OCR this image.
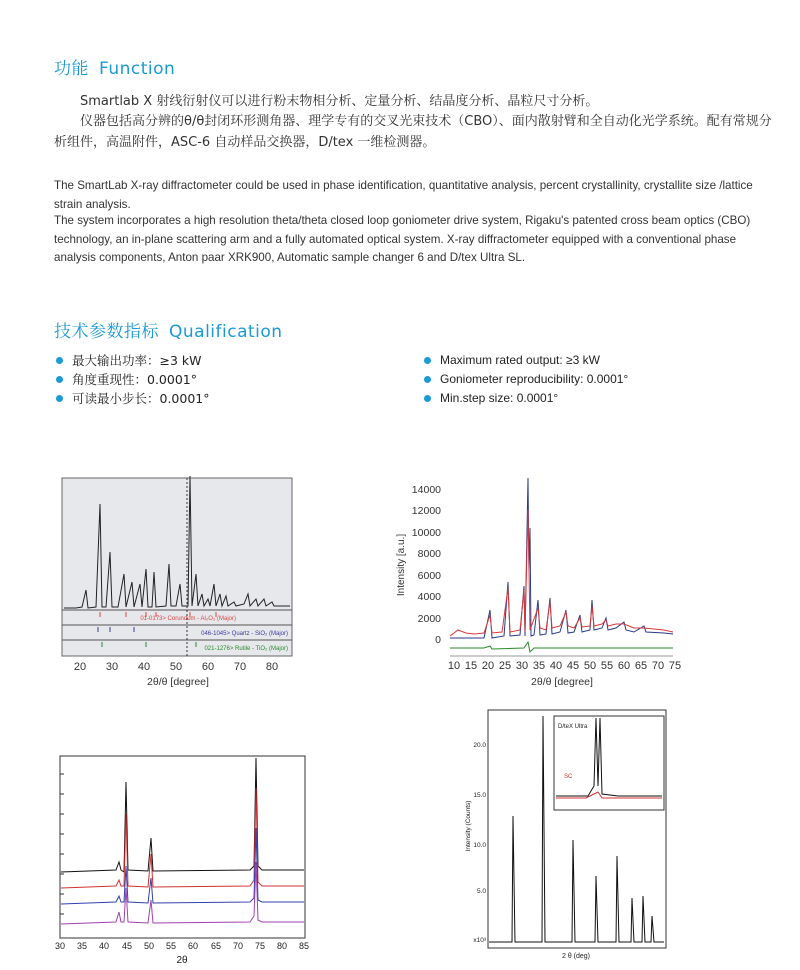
功能 Function
Smartlab X 射线衍射仪可以进行粉末物相分析、定量分析、结晶度分析、晶粒尺寸分析。
仪器包括高分辨的θ/θ封闭环形测角器、理学专有的交叉光束技术（CBO）、面内散射臂和全自动化光学系统。配有常规分析组件，高温附件，ASC-6 自动样品交换器，D/tex 一维检测器。
The SmartLab X-ray diffractometer could be used in phase identification, quantitative analysis, percent crystallinity, crystallite size /lattice strain analysis.
The system incorporates a high resolution theta/theta closed loop goniometer drive system, Rigaku's patented cross beam optics (CBO) technology, an in-plane scattering arm and a fully automated optical system. X-ray diffractometer equipped with a conventional phase analysis components, Anton paar XRK900, Automatic sample changer 6 and D/tex Ultra SL.
技术参数指标 Qualification
最大输出功率：≥3 kW
角度重现性：0.0001°
可读最小步长：0.0001°
Maximum rated output: ≥3 kW
Goniometer reproducibility: 0.0001°
Min.step size: 0.0001°
01-0173> Corundum - Al₂O₃ (Major)
046-1045> Quartz - SiO₂ (Major)
021-1276> Rutile - TiO₂ (Major)
20 30 40 50 60 70 80
2θ/θ [degree]
Intensity [a.u.]
14000
12000
10000
8000
6000
4000
2000
0
10 15 20 25 30 35 40 45 50 55 60 65 70 75
2θ/θ [degree]
30 35 40 45 50 55 60 65 70 75 80 85
2θ
Intensity (Counts)
20.0
15.0
10.0
5.0
x10³
D/teX Ultra
SC
2 θ (deg)
